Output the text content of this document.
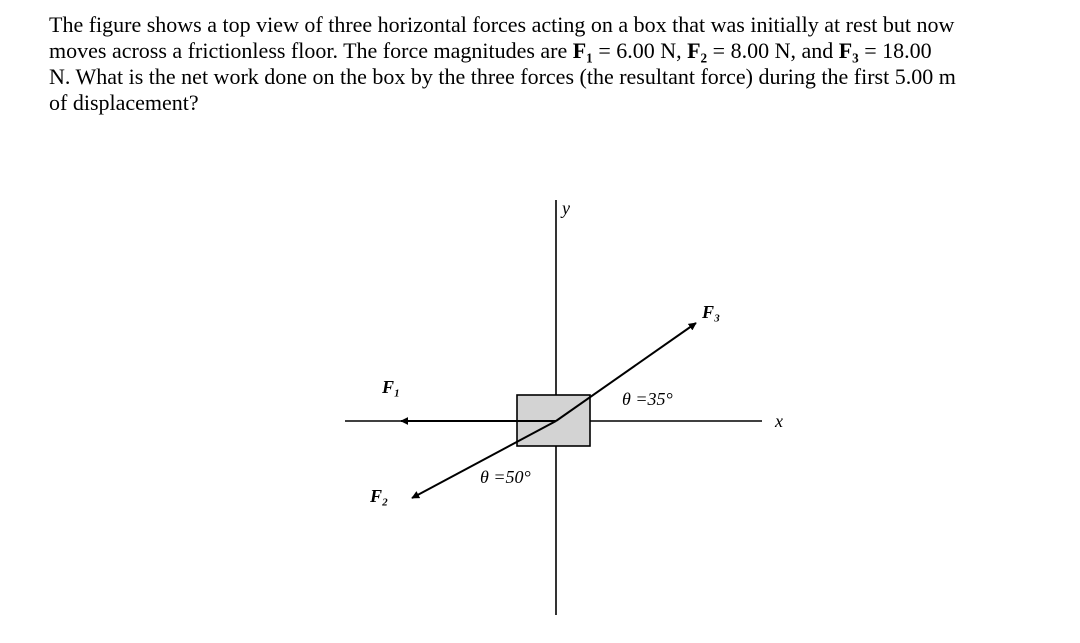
The figure shows a top view of three horizontal forces acting on a box that was initially at rest but now
moves across a frictionless floor. The force magnitudes are F₁ = 6.00 N, F₂ = 8.00 N, and F₃ = 18.00
N. What is the net work done on the box by the three forces (the resultant force) during the first 5.00 m
of displacement?
y
x
F₁
F₂
F₃
θ =35°
θ =50°
